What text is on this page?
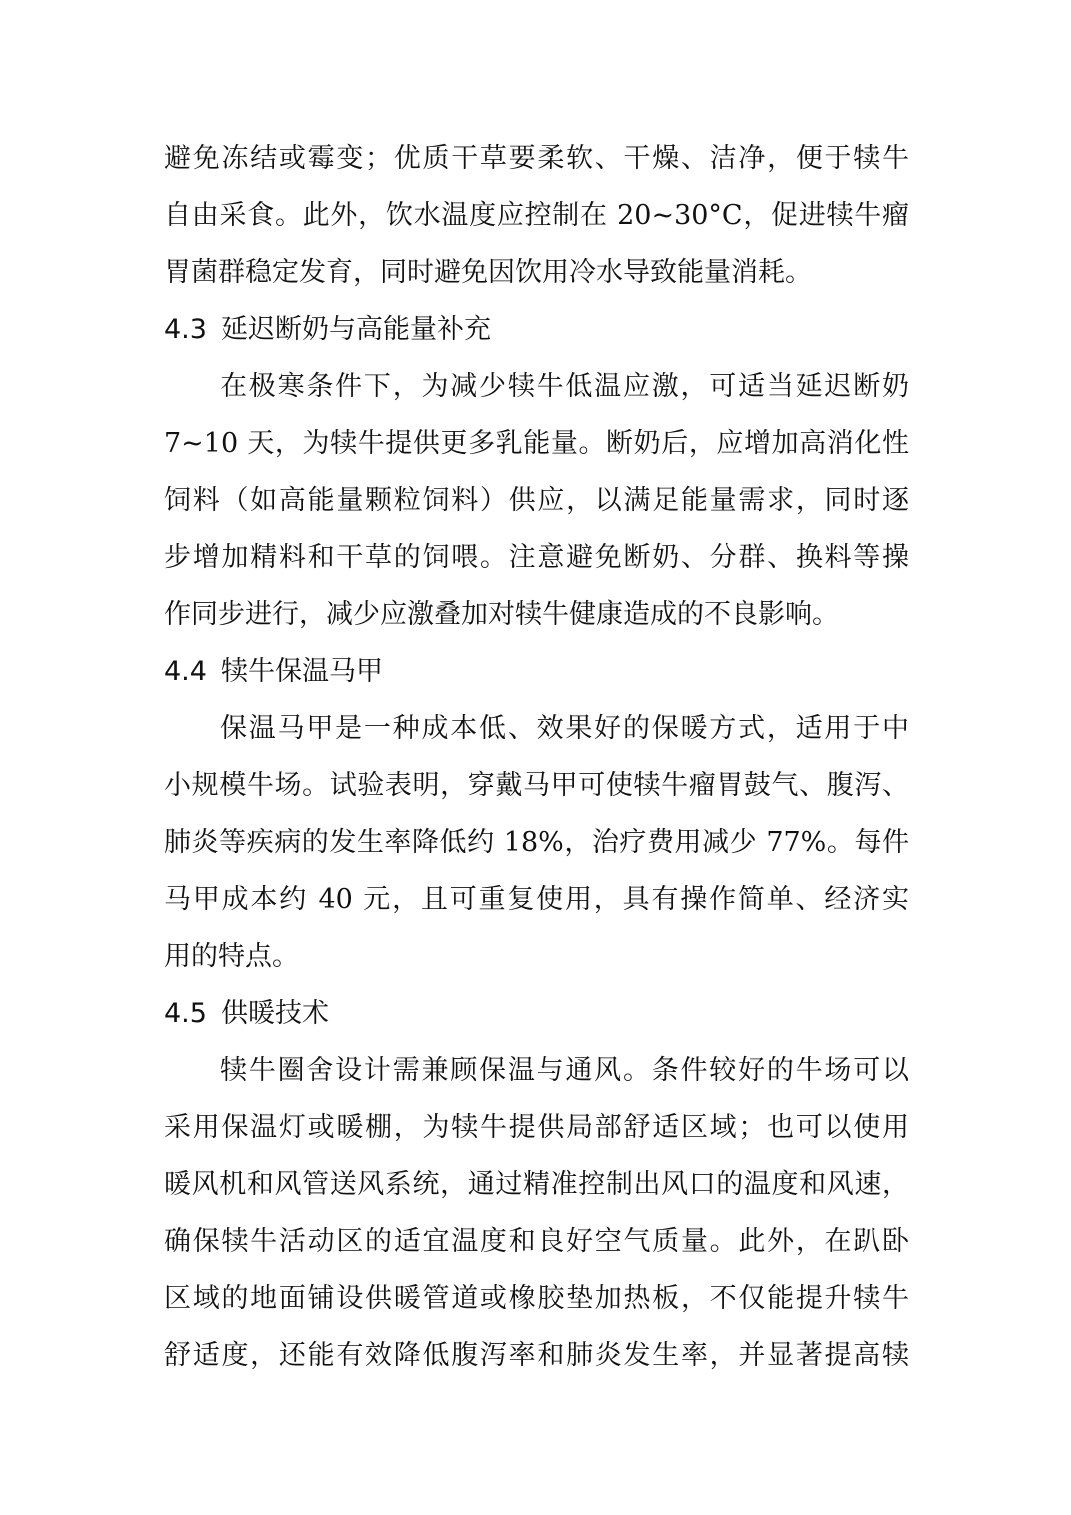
避免冻结或霉变；优质干草要柔软、干燥、洁净，便于犊牛
自由采食。此外，饮水温度应控制在 20~30°C，促进犊牛瘤
胃菌群稳定发育，同时避免因饮用冷水导致能量消耗。
4.3 延迟断奶与高能量补充
在极寒条件下，为减少犊牛低温应激，可适当延迟断奶
7~10 天，为犊牛提供更多乳能量。断奶后，应增加高消化性
饲料（如高能量颗粒饲料）供应，以满足能量需求，同时逐
步增加精料和干草的饲喂。注意避免断奶、分群、换料等操
作同步进行，减少应激叠加对犊牛健康造成的不良影响。
4.4 犊牛保温马甲
保温马甲是一种成本低、效果好的保暖方式，适用于中
小规模牛场。试验表明，穿戴马甲可使犊牛瘤胃鼓气、腹泻、
肺炎等疾病的发生率降低约 18%，治疗费用减少 77%。每件
马甲成本约 40 元，且可重复使用，具有操作简单、经济实
用的特点。
4.5 供暖技术
犊牛圈舍设计需兼顾保温与通风。条件较好的牛场可以
采用保温灯或暖棚，为犊牛提供局部舒适区域；也可以使用
暖风机和风管送风系统，通过精准控制出风口的温度和风速，
确保犊牛活动区的适宜温度和良好空气质量。此外，在趴卧
区域的地面铺设供暖管道或橡胶垫加热板，不仅能提升犊牛
舒适度，还能有效降低腹泻率和肺炎发生率，并显著提高犊
